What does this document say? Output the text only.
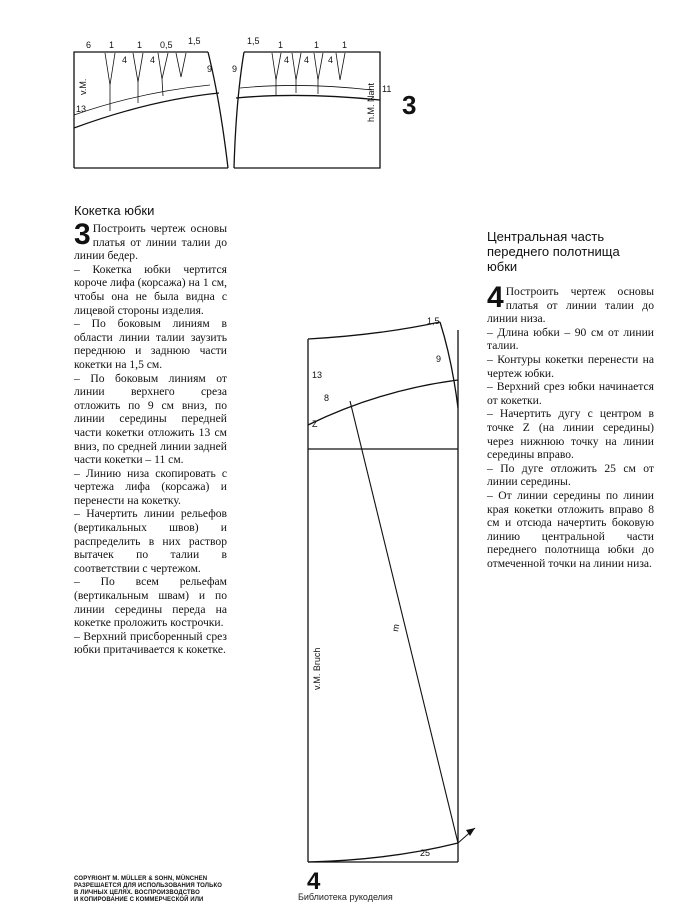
6 1	1 0,5 1,5
4	4
9
v.M.
13
1,5 1	1	1
4 4 4
9
h.M. Naht 11
3
1,5
9
13
8
Z
v.M. Bruch
m
25
Кокетка юбки

3 Построить чертеж основы платья от линии талии до линии бедер.

– Кокетка юбки чертится короче лифа (корсажа) на 1 см, чтобы она не была видна с лицевой стороны изделия.

– По боковым линиям в области линии талии заузить переднюю и заднюю части кокетки на 1,5 см.

– По боковым линиям от линии верхнего среза отложить по 9 см вниз, по линии середины передней части кокетки отложить 13 см вниз, по средней линии задней части кокетки – 11 см.

– Линию низа скопировать с чертежа лифа (корсажа) и перенести на кокетку.

– Начертить линии рельефов (вертикальных швов) и распределить в них раствор вытачек по талии в соответствии с чертежом.

– По всем рельефам (вертикальным швам) и по линии середины переда на кокетке проложить кострочки.

– Верхний присборенный срез юбки притачивается к кокетке.

Центральная часть
переднего полотнища
юбки

4 Построить чертеж основы платья от линии талии до линии низа.

– Длина юбки – 90 см от линии талии.

– Контуры кокетки перенести на чертеж юбки.

– Верхний срез юбки начинается от кокетки.

– Начертить дугу с центром в точке Z (на линии середины) через нижнюю точку на линии середины вправо.

– По дуге отложить 25 см от линии середины.

– От линии середины по линии края кокетки отложить вправо 8 см и отсюда начертить боковую линию центральной части переднего полотнища юбки до отмеченной точки на линии низа.

4
COPYRIGHT M. MÜLLER & SOHN, MÜNCHEN
РАЗРЕШАЕТСЯ ДЛЯ ИСПОЛЬЗОВАНИЯ ТОЛЬКО
В ЛИЧНЫХ ЦЕЛЯХ. ВОСПРОИЗВОДСТВО
И КОПИРОВАНИЕ С КОММЕРЧЕСКОЙ ИЛИ	Библиотека рукоделия
